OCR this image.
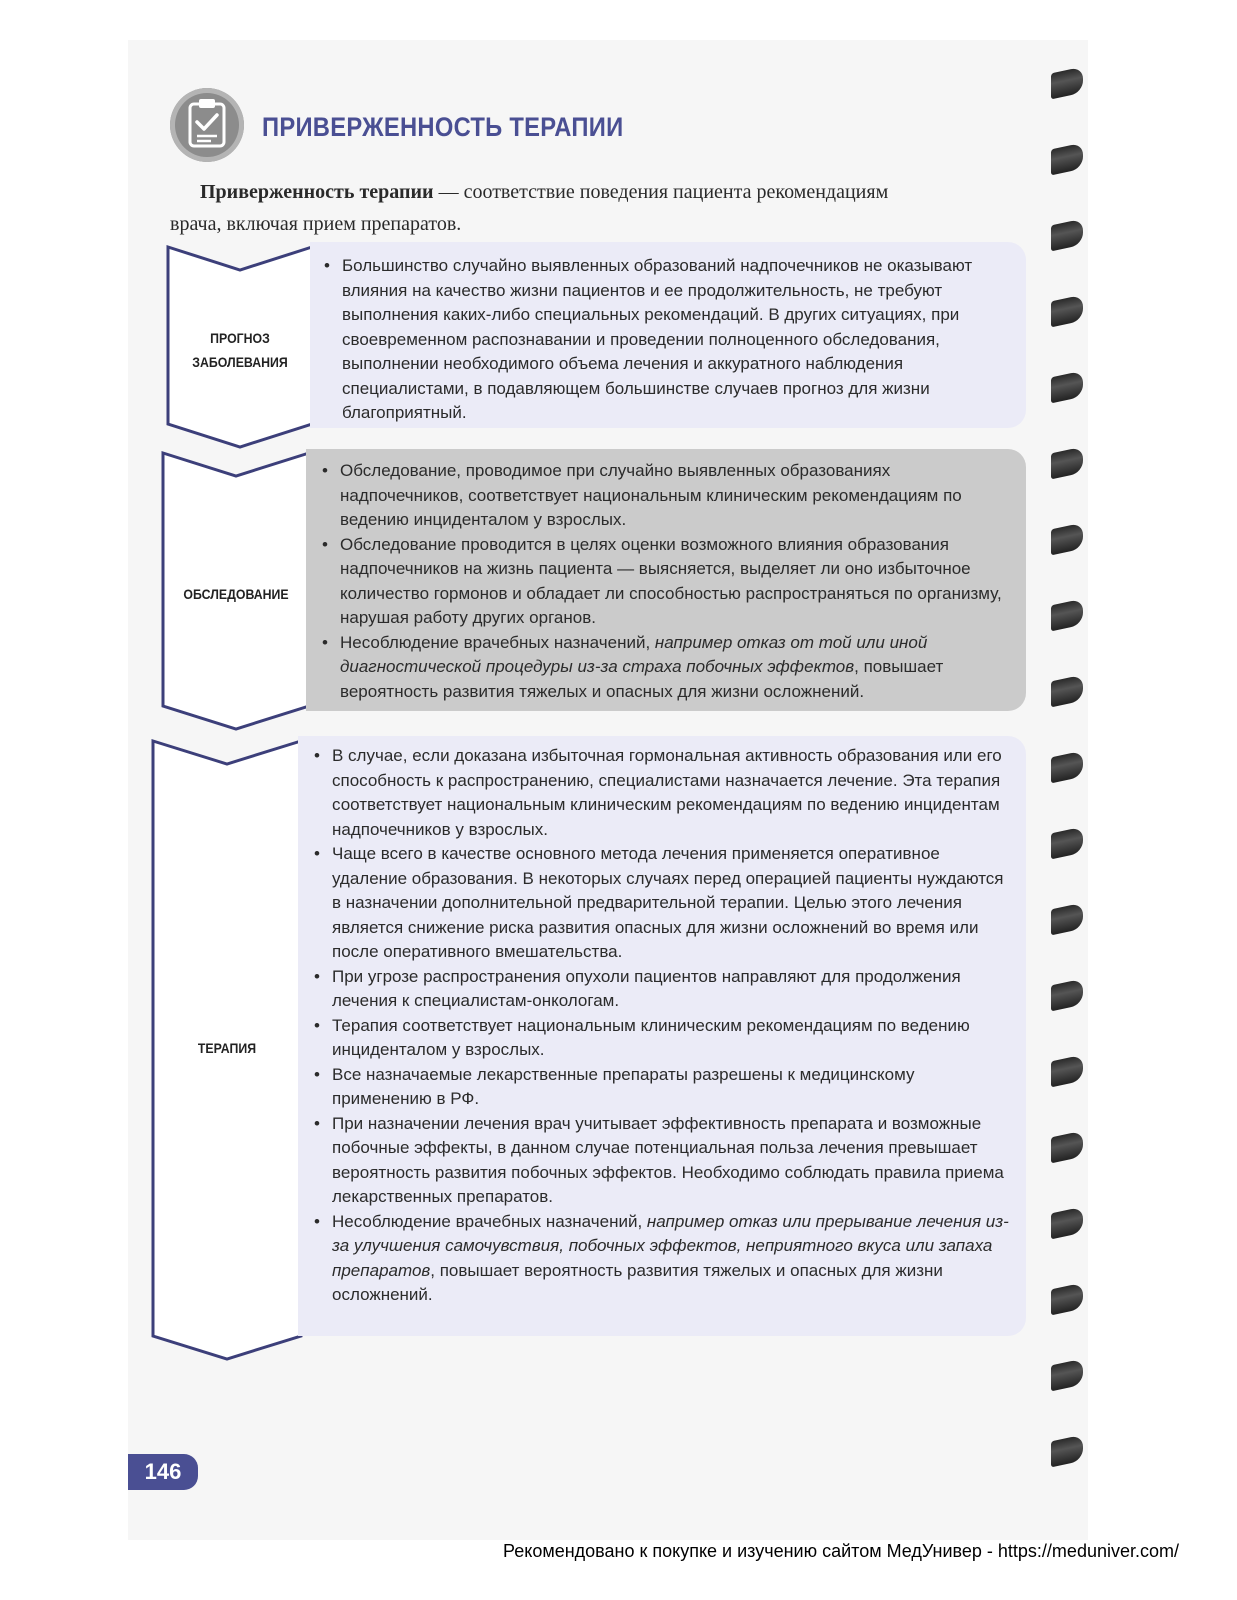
ПРИВЕРЖЕННОСТЬ ТЕРАПИИ
Приверженность терапии — соответствие поведения пациента рекомендациям
врача, включая прием препаратов.
ПРОГНОЗ
ЗАБОЛЕВАНИЯ
• Большинство случайно выявленных образований надпочечников не оказывают влияния на качество жизни пациентов и ее продолжительность, не требуют выполнения каких-либо специальных рекомендаций. В других ситуациях, при своевременном распознавании и проведении полноценного обследования, выполнении необходимого объема лечения и аккуратного наблюдения специалистами, в подавляющем большинстве случаев прогноз для жизни благоприятный.
ОБСЛЕДОВАНИЕ
• Обследование, проводимое при случайно выявленных образованиях надпочечников, соответствует национальным клиническим рекомендациям по ведению инциденталом у взрослых.
• Обследование проводится в целях оценки возможного влияния образования надпочечников на жизнь пациента — выясняется, выделяет ли оно избыточное количество гормонов и обладает ли способностью распространяться по организму, нарушая работу других органов.
• Несоблюдение врачебных назначений, например отказ от той или иной диагностической процедуры из-за страха побочных эффектов, повышает вероятность развития тяжелых и опасных для жизни осложнений.
ТЕРАПИЯ
• В случае, если доказана избыточная гормональная активность образования или его способность к распространению, специалистами назначается лечение. Эта терапия соответствует национальным клиническим рекомендациям по ведению инцидентам надпочечников у взрослых.
• Чаще всего в качестве основного метода лечения применяется оперативное удаление образования. В некоторых случаях перед операцией пациенты нуждаются в назначении дополнительной предварительной терапии. Целью этого лечения является снижение риска развития опасных для жизни осложнений во время или после оперативного вмешательства.
• При угрозе распространения опухоли пациентов направляют для продолжения лечения к специалистам-онкологам.
• Терапия соответствует национальным клиническим рекомендациям по ведению инциденталом у взрослых.
• Все назначаемые лекарственные препараты разрешены к медицинскому применению в РФ.
• При назначении лечения врач учитывает эффективность препарата и возможные побочные эффекты, в данном случае потенциальная польза лечения превышает вероятность развития побочных эффектов. Необходимо соблюдать правила приема лекарственных препаратов.
• Несоблюдение врачебных назначений, например отказ или прерывание лечения из-за улучшения самочувствия, побочных эффектов, неприятного вкуса или запаха препаратов, повышает вероятность развития тяжелых и опасных для жизни осложнений.
146
Рекомендовано к покупке и изучению сайтом МедУнивер - https://meduniver.com/
